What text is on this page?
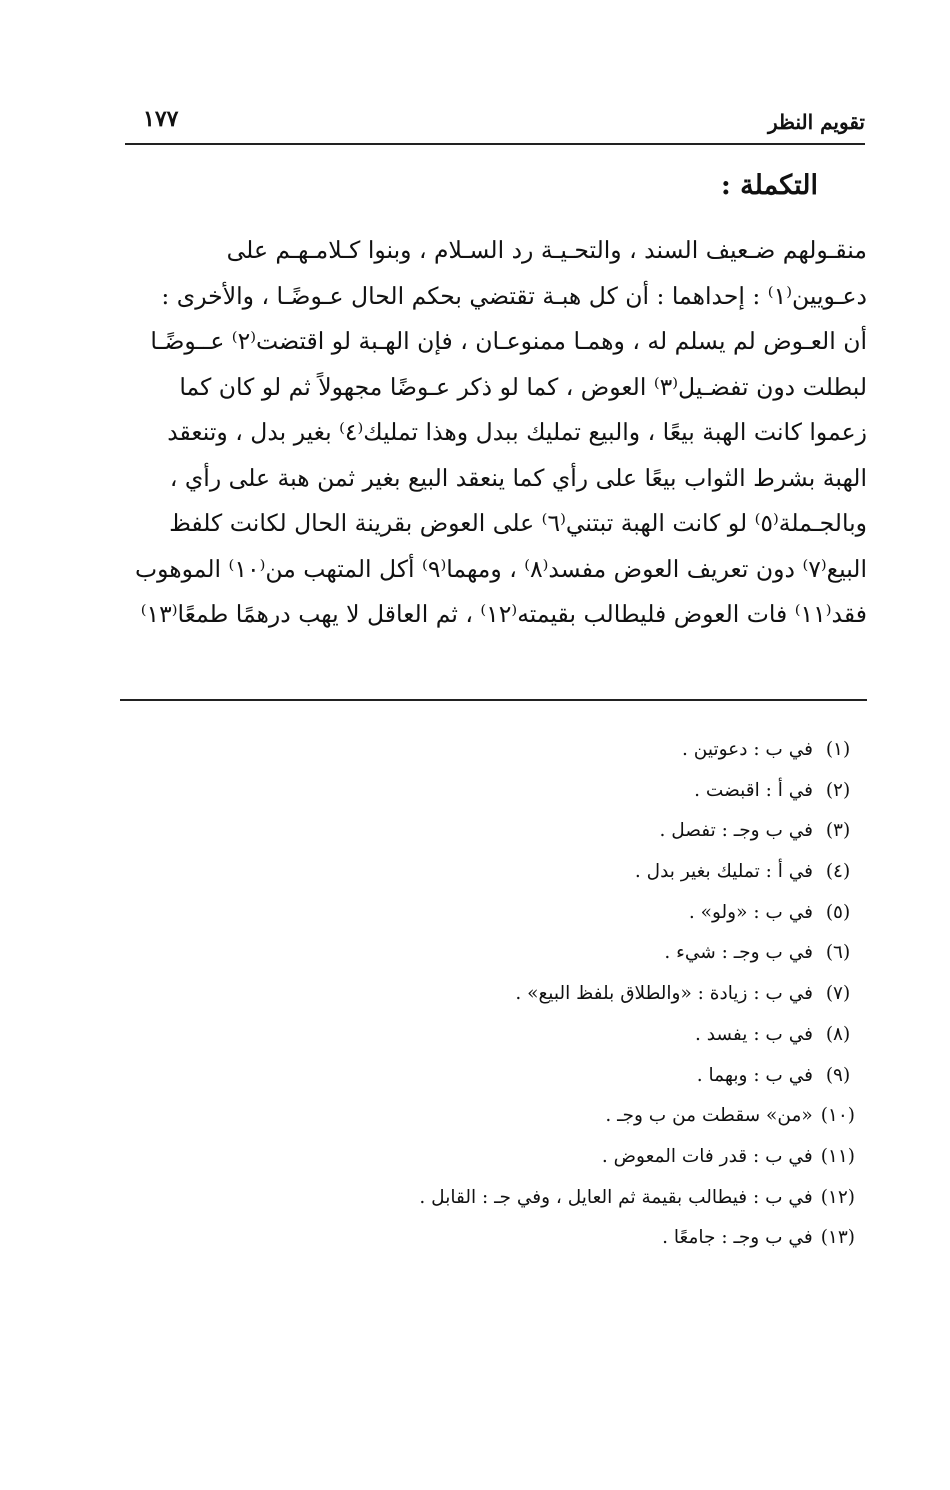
تقويم النظر
١٧٧
التكملة :
منقـولهم ضـعيف السند ، والتحـيـة رد السـلام ، وبنوا كـلامـهـم على
دعـويين⁽١⁾ : إحداهما : أن كل هبـة تقتضي بحكم الحال عـوضًـا ، والأخرى :
أن العـوض لم يسلم له ، وهمـا ممنوعـان ، فإن الهـبة لو اقتضت⁽٢⁾ عــوضًـا
لبطلت دون تفضـيل⁽٣⁾ العوض ، كما لو ذكر عـوضًا مجهولاً ثم لو كان كما
زعموا كانت الهبة بيعًا ، والبيع تمليك ببدل وهذا تمليك⁽٤⁾ بغير بدل ، وتنعقد
الهبة بشرط الثواب بيعًا على رأي كما ينعقد البيع بغير ثمن هبة على رأي ،
وبالجـملة⁽٥⁾ لو كانت الهبة تبتني⁽٦⁾ على العوض بقرينة الحال لكانت كلفظ
البيع⁽٧⁾ دون تعريف العوض مفسد⁽٨⁾ ، ومهما⁽٩⁾ أكل المتهب من⁽١٠⁾ الموهوب
فقد⁽١١⁾ فات العوض فليطالب بقيمته⁽١٢⁾ ، ثم العاقل لا يهب درهمًا طمعًا⁽١٣⁾
(١)في ب : دعوتين .
(٢)في أ : اقبضت .
(٣)في ب وجـ : تفصل .
(٤)في أ : تمليك بغير بدل .
(٥)في ب : «ولو» .
(٦)في ب وجـ : شيء .
(٧)في ب : زيادة : «والطلاق بلفظ البيع» .
(٨)في ب : يفسد .
(٩)في ب : وبهما .
(١٠)«من» سقطت من ب وجـ .
(١١)في ب : قدر فات المعوض .
(١٢)في ب : فيطالب بقيمة ثم العايل ، وفي جـ : القابل .
(١٣)في ب وجـ : جامعًا .
